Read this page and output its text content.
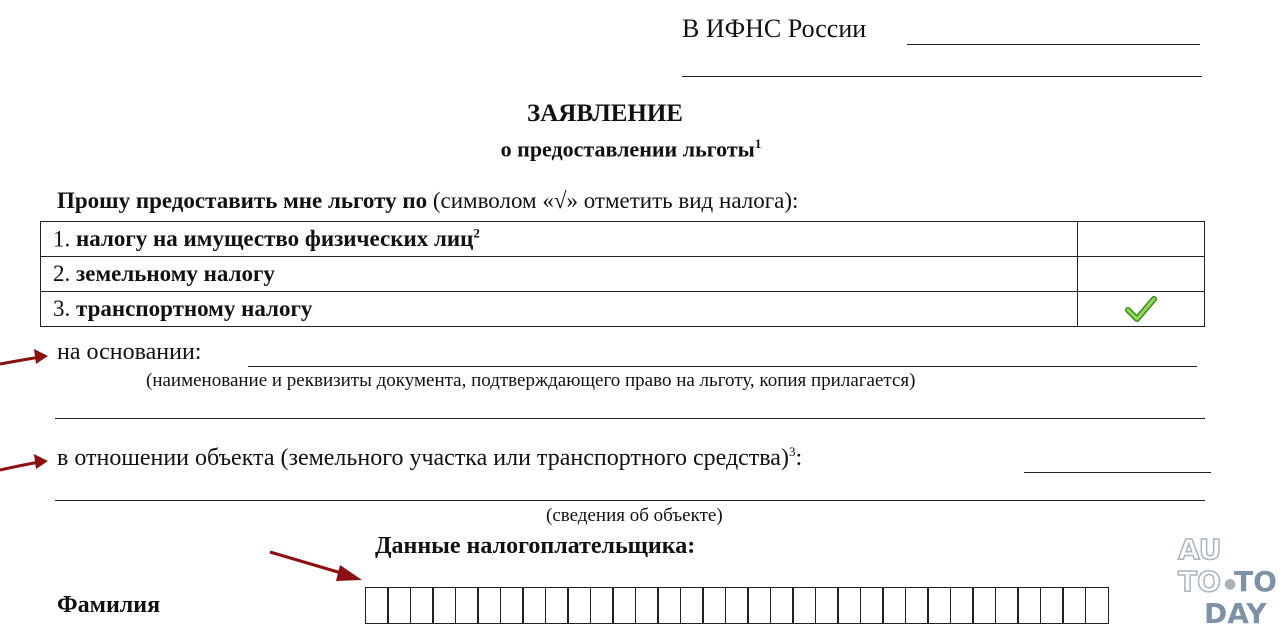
В ИФНС России
ЗАЯВЛЕНИЕ
о предоставлении льготы$^1$
Прошу предоставить мне льготу по (символом «√» отметить вид налога):
1. налогу на имущество физических лиц$^2$	
2. земельному налогу	
3. транспортному налогу	
на основании:
(наименование и реквизиты документа, подтверждающего право на льготу, копия прилагается)
в отношении объекта (земельного участка или транспортного средства)$^3$:
(сведения об объекте)
Данные налогоплательщика:
Фамилия
AU
TO ●
TO
DAY
